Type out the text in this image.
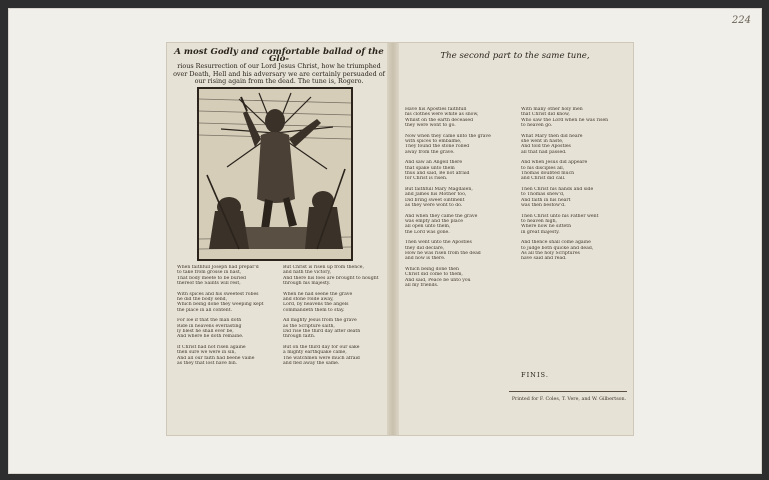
224
A most Godly and comfortable ballad of the Glo-
rious Resurrection of our Lord Jesus Christ, how he triumphed over Death, Hell and his adversary we are certainly persuaded of our rising again from the dead. The tune is, Rogero.
When faithfull Joseph had prepar'd
to take from grosse in hast,
That body meete to be buried
thereof the Saints will rest,
With spices and his sweetest robes
he did the body send,
Which being done they weeping kept
the place in all content.
For loe if that the man doth
Ride in heavens everlasting
ly blest he shall ever be,
And where he doth remaine.
If Christ had not risen againe
then sure we were in sin,
And all our faith had beene vaine
as they that lost have bin.
But Christ is risen up from thence,
and hath the victory,
And there his foes are brought to nought
through his majesty.
When he had seene the grave
and stone rolde away,
Lord, by heavens the angels
commandeth them to stay.
All mighty Jesus from the grave
as the Scripture saith,
Did rise the third day after death
through faith.
But on the third day for our sake
a mighty earthquake came,
The watchmen were much afraid
and fled away the same.
The second part to the same tune,
Have his Apostles faithfull
his clothes were white as snow,
Whilst on the earth deceased
they were wont to go.
Now when they came unto the grave
with spices to embalme,
They found the stone rolled
away from the grave.
And saw an Angell there
that spake unto them
thus and said, Be not afraid
for Christ is risen.
But faithfull Mary Magdalen,
and James his Mother too,
Did bring sweet ointment
as they were wont to do.
And when they came the grave
was empty and the place
all open unto them,
the Lord was gone.
Then went unto the Apostles
they did declare,
How he was risen from the dead
and now is there.
Which being done then
Christ did come to them,
And said, Peace be unto you
all my friends.
With many other holy men
that Christ did know,
Who saw the Lord when he was risen
to heaven go.
What Mary then did heare
she went in haste,
And told the Apostles
all that had passed.
And when Jesus did appeare
to his disciples all,
Thomas doubted much
and Christ did call.
Then Christ his hands and side
to Thomas shew'd,
And faith in his heart
was then bestow'd.
Then Christ unto his Father went
to heaven high,
Where now he sitteth
in great majesty.
And thence shall come againe
to judge both quicke and dead,
As all the holy Scriptures
have said and read.
FINIS.
Printed for F. Coles, T. Vere, and W. Gilbertson.
